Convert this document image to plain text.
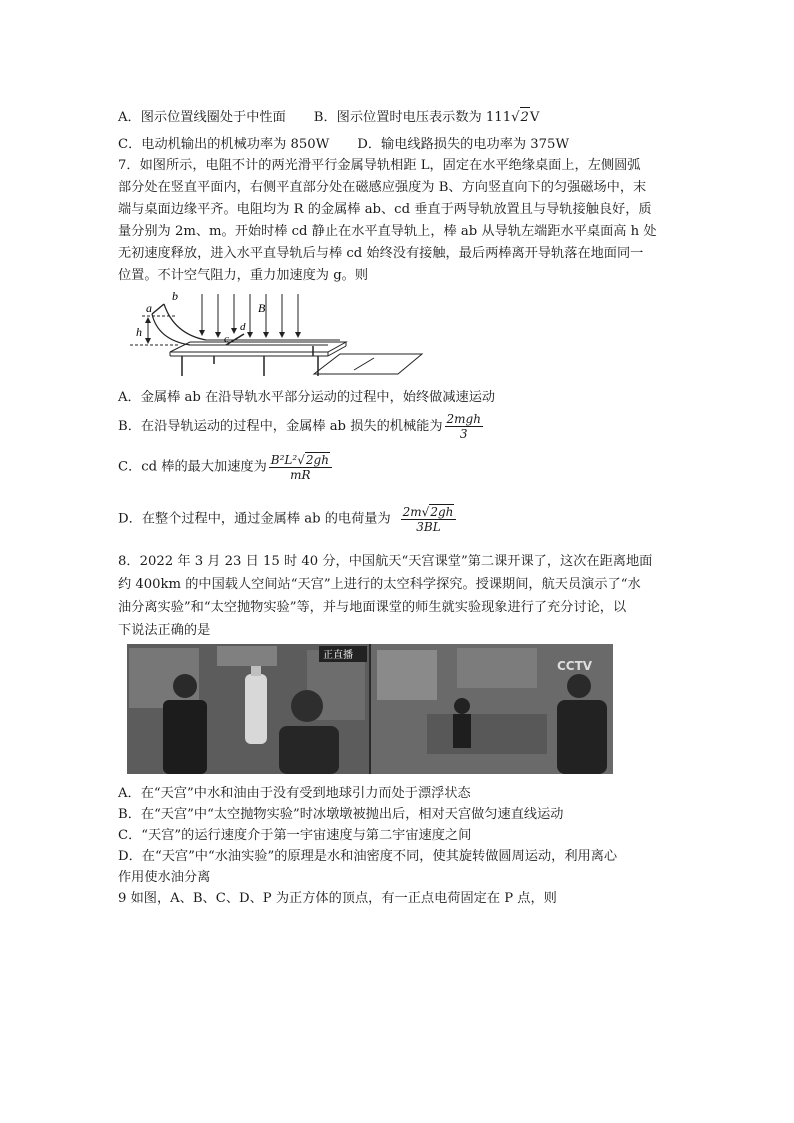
A．图示位置线圈处于中性面 B．图示位置时电压表示数为 111√2V
C．电动机输出的机械功率为 850W D．输电线路损失的电功率为 375W
7．如图所示，电阻不计的两光滑平行金属导轨相距 L，固定在水平绝缘桌面上，左侧圆弧
部分处在竖直平面内，右侧平直部分处在磁感应强度为 B、方向竖直向下的匀强磁场中，末
端与桌面边缘平齐。电阻均为 R 的金属棒 ab、cd 垂直于两导轨放置且与导轨接触良好，质
量分别为 2m、m。开始时棒 cd 静止在水平直导轨上，棒 ab 从导轨左端距水平桌面高 h 处
无初速度释放，进入水平直导轨后与棒 cd 始终没有接触，最后两棒离开导轨落在地面同一
位置。不计空气阻力，重力加速度为 g。则
h
a
b
c
d
B
A．金属棒 ab 在沿导轨水平部分运动的过程中，始终做减速运动
B．在沿导轨运动的过程中，金属棒 ab 损失的机械能为 $\frac{\text{2mgh}}{3}$
C．cd 棒的最大加速度为 $\frac{\text{B²L²√2gh}}{mR}$
D．在整个过程中，通过金属棒 ab 的电荷量为 $\frac{2m√2gh}{3BL}$
8．2022 年 3 月 23 日 15 时 40 分，中国航天“天宫课堂”第二课开课了，这次在距离地面
约 400km 的中国载人空间站“天宫”上进行的太空科学探究。授课期间，航天员演示了“水
油分离实验”和“太空抛物实验”等，并与地面课堂的师生就实验现象进行了充分讨论，以
下说法正确的是
正直播
CCTV
A．在“天宫”中水和油由于没有受到地球引力而处于漂浮状态
B．在“天宫”中“太空抛物实验”时冰墩墩被抛出后，相对天宫做匀速直线运动
C．“天宫”的运行速度介于第一宇宙速度与第二宇宙速度之间
D．在“天宫”中“水油实验”的原理是水和油密度不同，使其旋转做圆周运动，利用离心
作用使水油分离
9 如图，A、B、C、D、P 为正方体的顶点，有一正点电荷固定在 P 点，则
